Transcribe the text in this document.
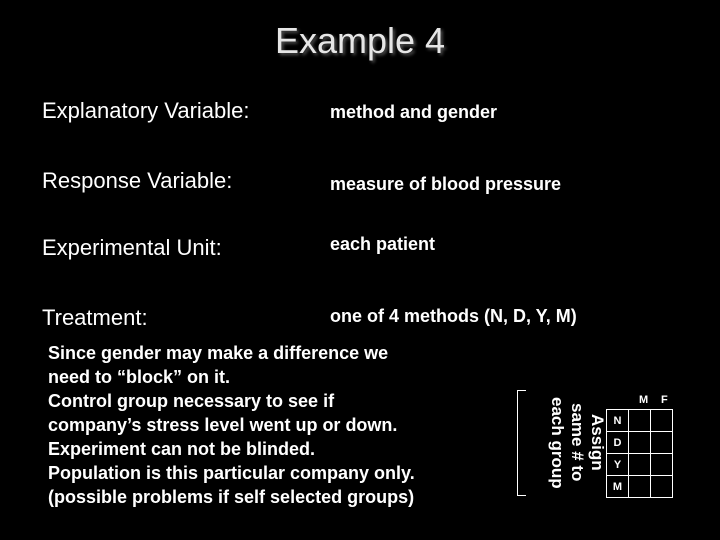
Example 4
Explanatory Variable:	method and gender
Response Variable:	measure of blood pressure
Experimental Unit:	each patient
Treatment:	one of 4 methods (N, D, Y, M)
Since gender may make a difference we
need to “block” on it.
Control group necessary to see if
company’s stress level went up or down.
Experiment can not be blinded.
Population is this particular company only.
(possible problems if self selected groups)
Assign
same # to
each group	M F
N		
D		
Y		
M		
